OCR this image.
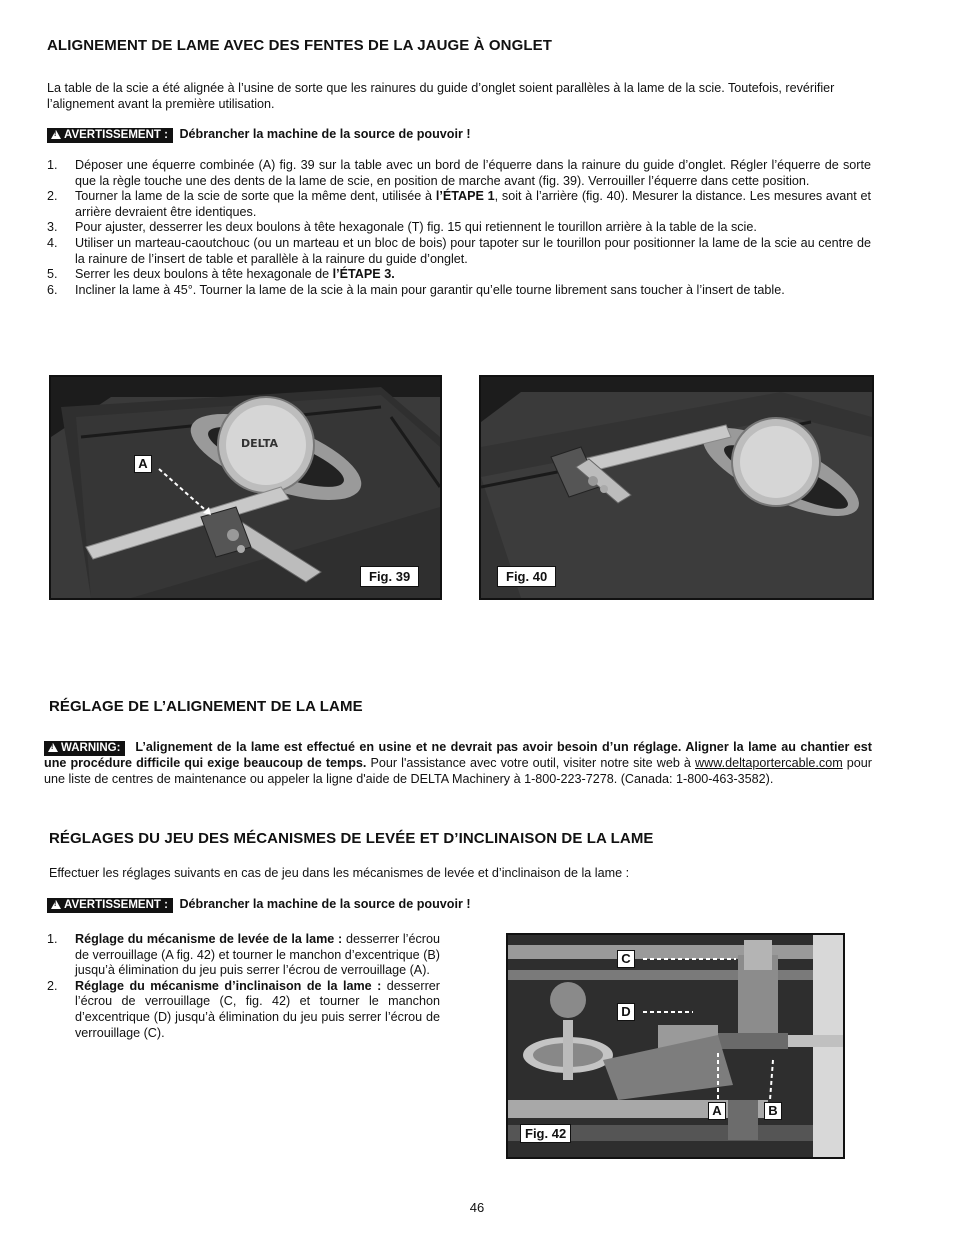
ALIGNEMENT DE LAME AVEC DES FENTES DE LA JAUGE À ONGLET
La table de la scie a été alignée à l’usine de sorte que les rainures du guide d’onglet soient parallèles à la lame de la scie. Toutefois, revérifier l’alignement avant la première utilisation.
!AVERTISSEMENT : Débrancher la machine de la source de pouvoir !
1. Déposer une équerre combinée (A) fig. 39 sur la table avec un bord de l’équerre dans la rainure du guide d’onglet. Régler l’équerre de sorte que la règle touche une des dents de la lame de scie, en position de marche avant (fig. 39). Verrouiller l’équerre dans cette position.
2. Tourner la lame de la scie de sorte que la même dent, utilisée à l’ÉTAPE 1, soit à l’arrière (fig. 40). Mesurer la distance. Les mesures avant et arrière devraient être identiques.
3. Pour ajuster, desserrer les deux boulons à tête hexagonale (T) fig. 15 qui retiennent le tourillon arrière à la table de la scie.
4. Utiliser un marteau-caoutchouc (ou un marteau et un bloc de bois) pour tapoter sur le tourillon pour positionner la lame de la scie au centre de la rainure de l’insert de table et parallèle à la rainure du guide d’onglet.
5. Serrer les deux boulons à tête hexagonale de l’ÉTAPE 3.
6. Incliner la lame à 45°. Tourner la lame de la scie à la main pour garantir qu’elle tourne librement sans toucher à l’insert de table.
DELTA
A
Fig. 39	Fig. 40
RÉGLAGE DE L’ALIGNEMENT DE LA LAME
!WARNING: L’alignement de la lame est effectué en usine et ne devrait pas avoir besoin d’un réglage. Aligner la lame au chantier est une procédure difficile qui exige beaucoup de temps. Pour l'assistance avec votre outil, visiter notre site web à www.deltaportercable.com pour une liste de centres de maintenance ou appeler la ligne d'aide de DELTA Machinery à 1-800-223-7278. (Canada: 1-800-463-3582).
RÉGLAGES DU JEU DES MÉCANISMES DE LEVÉE ET D’INCLINAISON DE LA LAME
Effectuer les réglages suivants en cas de jeu dans les mécanismes de levée et d’inclinaison de la lame :
!AVERTISSEMENT : Débrancher la machine de la source de pouvoir !
1. Réglage du mécanisme de levée de la lame : desserrer l’écrou de verrouillage (A fig. 42) et tourner le manchon d’excentrique (B) jusqu’à élimination du jeu puis serrer l’écrou de verrouillage (A).
2. Réglage du mécanisme d’inclinaison de la lame : desserrer l’écrou de verrouillage (C, fig. 42) et tourner le manchon d’excentrique (D) jusqu’à élimination du jeu puis serrer l’écrou de verrouillage (C).
C
D
A	B
Fig. 42
46
